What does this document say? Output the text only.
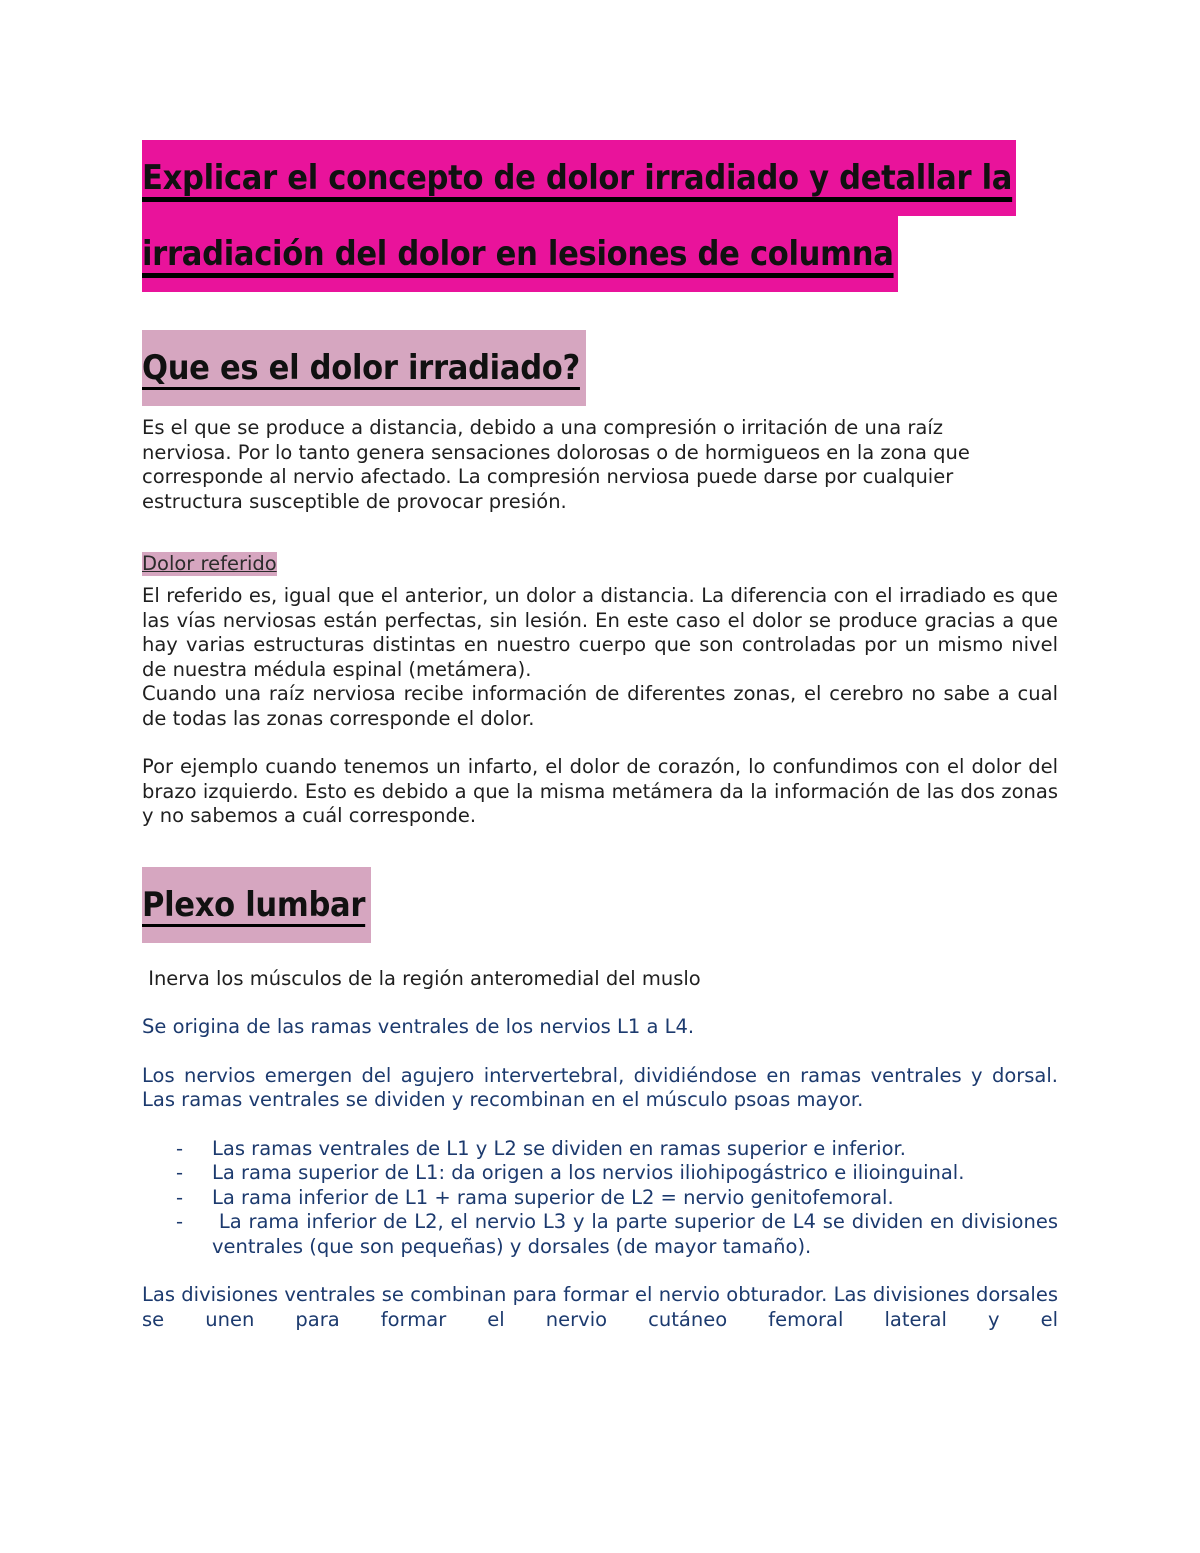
Explicar el concepto de dolor irradiado y detallar la
irradiación del dolor en lesiones de columna
Que es el dolor irradiado?

Es el que se produce a distancia, debido a una compresión o irritación de una raíz nerviosa. Por lo tanto genera sensaciones dolorosas o de hormigueos en la zona que corresponde al nervio afectado. La compresión nerviosa puede darse por cualquier estructura susceptible de provocar presión.

Dolor referido

El referido es, igual que el anterior, un dolor a distancia. La diferencia con el irradiado es que las vías nerviosas están perfectas, sin lesión. En este caso el dolor se produce gracias a que hay varias estructuras distintas en nuestro cuerpo que son controladas por un mismo nivel de nuestra médula espinal (metámera).

Cuando una raíz nerviosa recibe información de diferentes zonas, el cerebro no sabe a cual de todas las zonas corresponde el dolor.

Por ejemplo cuando tenemos un infarto, el dolor de corazón, lo confundimos con el dolor del brazo izquierdo. Esto es debido a que la misma metámera da la información de las dos zonas y no sabemos a cuál corresponde.

Plexo lumbar

Inerva los músculos de la región anteromedial del muslo

Se origina de las ramas ventrales de los nervios L1 a L4.

Los nervios emergen del agujero intervertebral, dividiéndose en ramas ventrales y dorsal. Las ramas ventrales se dividen y recombinan en el músculo psoas mayor.

- Las ramas ventrales de L1 y L2 se dividen en ramas superior e inferior.
- La rama superior de L1: da origen a los nervios iliohipogástrico e ilioinguinal.
- La rama inferior de L1 + rama superior de L2 = nervio genitofemoral.
- La rama inferior de L2, el nervio L3 y la parte superior de L4 se dividen en divisiones ventrales (que son pequeñas) y dorsales (de mayor tamaño).

Las divisiones ventrales se combinan para formar el nervio obturador. Las divisiones dorsales se unen para formar el nervio cutáneo femoral lateral y el
